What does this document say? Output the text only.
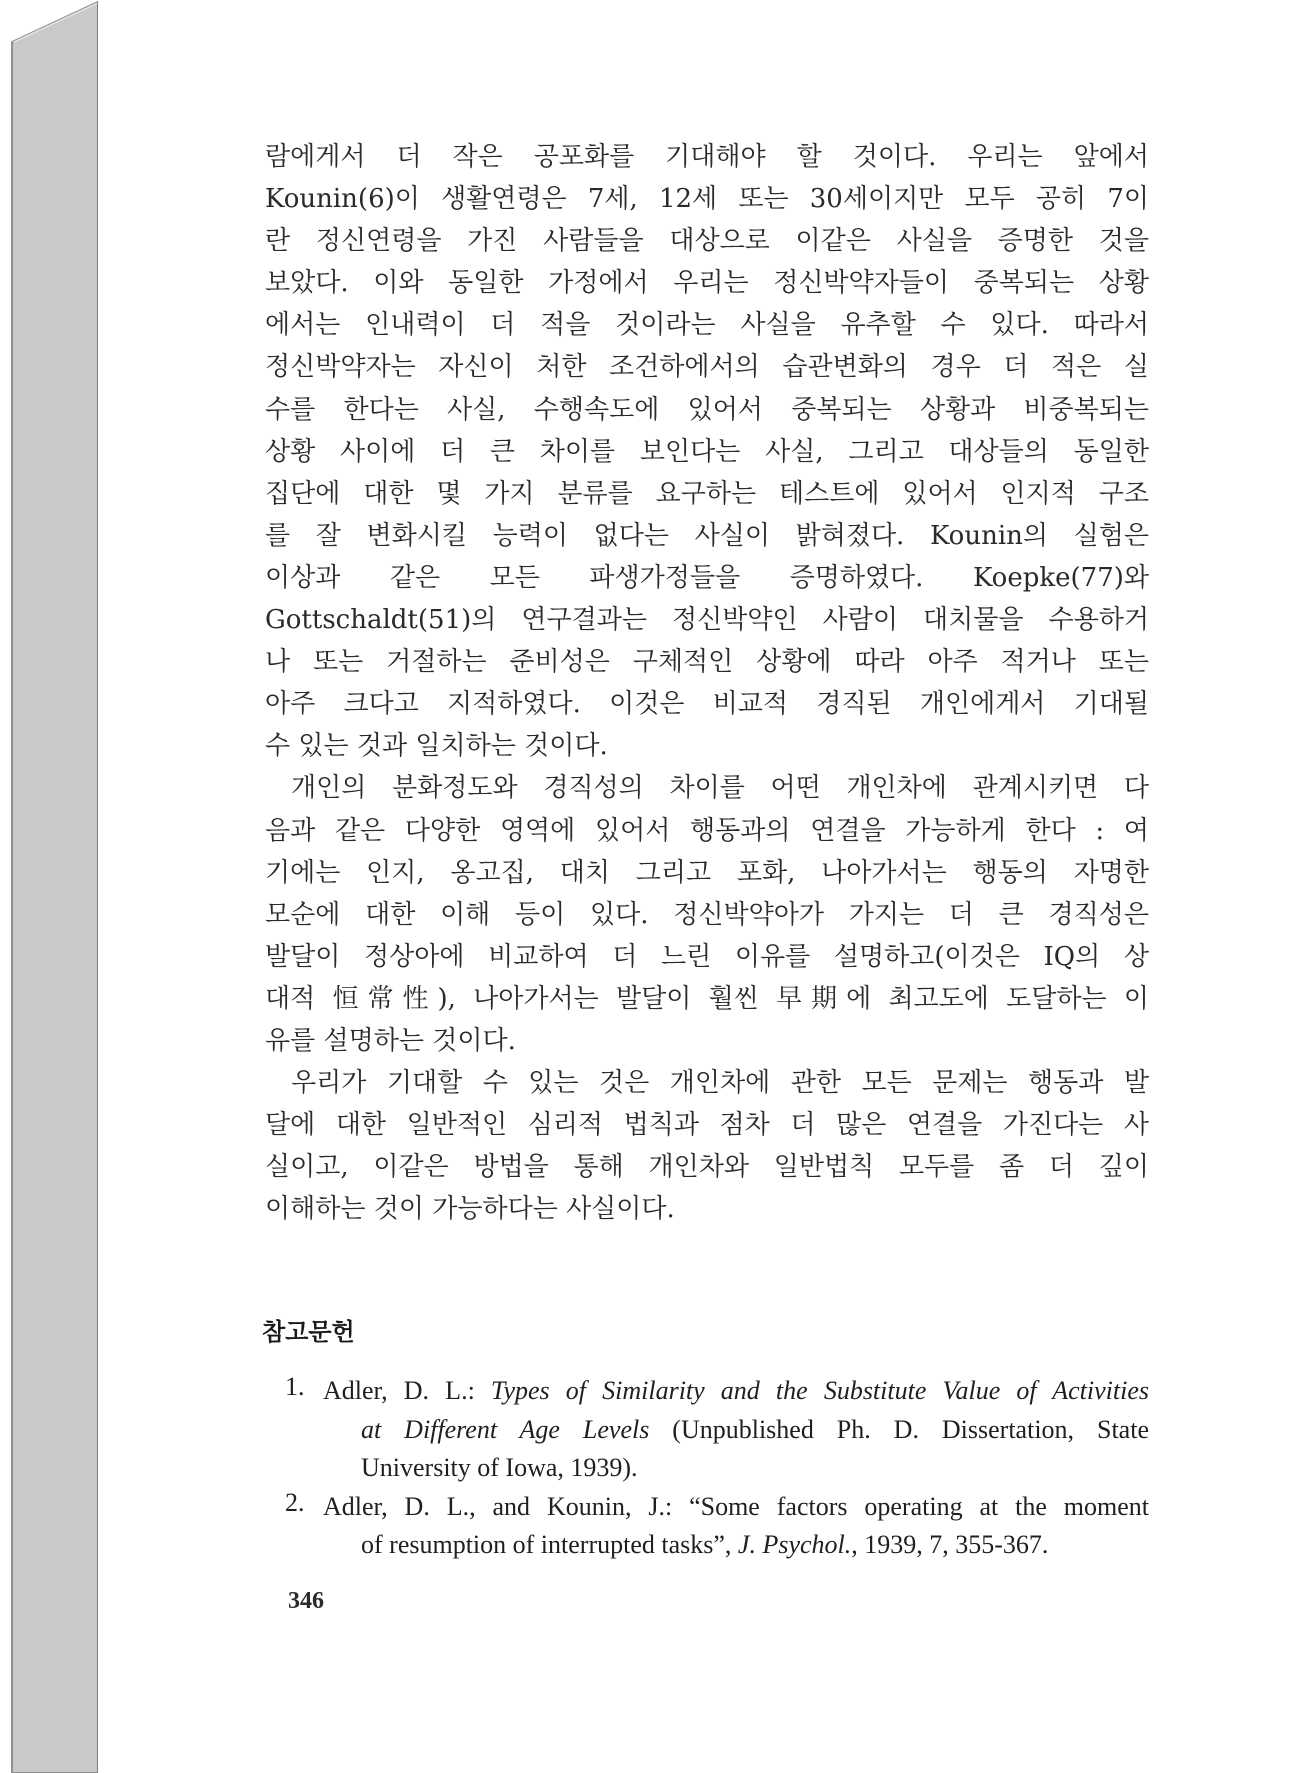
람에게서 더 작은 공포화를 기대해야 할 것이다. 우리는 앞에서

Kounin(6)이 생활연령은 7세, 12세 또는 30세이지만 모두 공히 7이

란 정신연령을 가진 사람들을 대상으로 이같은 사실을 증명한 것을

보았다. 이와 동일한 가정에서 우리는 정신박약자들이 중복되는 상황

에서는 인내력이 더 적을 것이라는 사실을 유추할 수 있다. 따라서

정신박약자는 자신이 처한 조건하에서의 습관변화의 경우 더 적은 실

수를 한다는 사실, 수행속도에 있어서 중복되는 상황과 비중복되는

상황 사이에 더 큰 차이를 보인다는 사실, 그리고 대상들의 동일한

집단에 대한 몇 가지 분류를 요구하는 테스트에 있어서 인지적 구조

를 잘 변화시킬 능력이 없다는 사실이 밝혀졌다. Kounin의 실험은

이상과 같은 모든 파생가정들을 증명하였다. Koepke(77)와

Gottschaldt(51)의 연구결과는 정신박약인 사람이 대치물을 수용하거

나 또는 거절하는 준비성은 구체적인 상황에 따라 아주 적거나 또는

아주 크다고 지적하였다. 이것은 비교적 경직된 개인에게서 기대될

수 있는 것과 일치하는 것이다.

개인의 분화정도와 경직성의 차이를 어떤 개인차에 관계시키면 다

음과 같은 다양한 영역에 있어서 행동과의 연결을 가능하게 한다 : 여

기에는 인지, 옹고집, 대치 그리고 포화, 나아가서는 행동의 자명한

모순에 대한 이해 등이 있다. 정신박약아가 가지는 더 큰 경직성은

발달이 정상아에 비교하여 더 느린 이유를 설명하고(이것은 IQ의 상

대적 恒常性), 나아가서는 발달이 훨씬 早期에 최고도에 도달하는 이

유를 설명하는 것이다.

우리가 기대할 수 있는 것은 개인차에 관한 모든 문제는 행동과 발

달에 대한 일반적인 심리적 법칙과 점차 더 많은 연결을 가진다는 사

실이고, 이같은 방법을 통해 개인차와 일반법칙 모두를 좀 더 깊이

이해하는 것이 가능하다는 사실이다.

참고문헌
1. Adler, D. L.: Types of Similarity and the Substitute Value of Activities
at Different Age Levels (Unpublished Ph. D. Dissertation, State
University of Iowa, 1939).
2. Adler, D. L., and Kounin, J.: “Some factors operating at the moment
of resumption of interrupted tasks”, J. Psychol., 1939, 7, 355-367.

346
